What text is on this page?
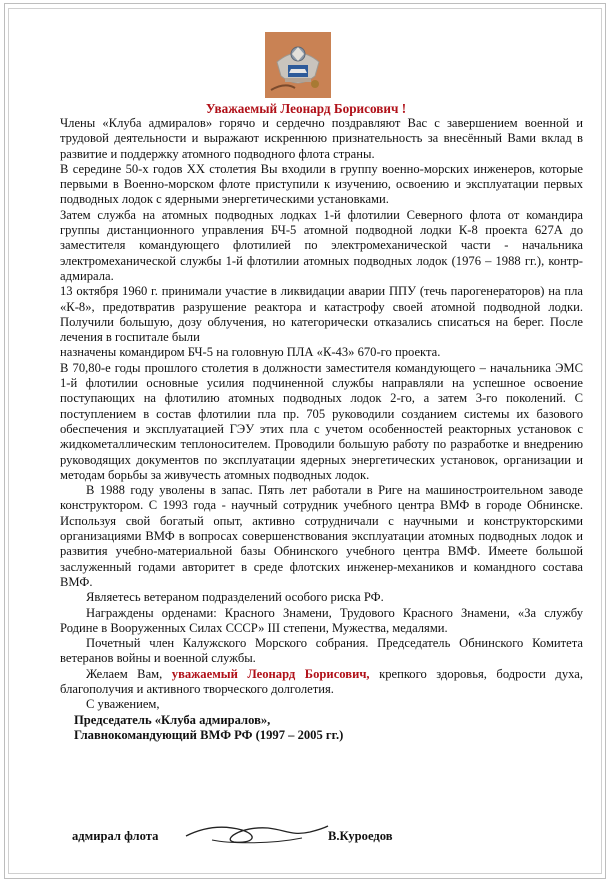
Уважаемый Леонард Борисович !

Члены «Клуба адмиралов» горячо и сердечно поздравляют Вас с завершением военной и трудовой деятельности и выражают искреннюю признательность за внесённый Вами вклад в развитие и поддержку атомного подводного флота страны.

В середине 50-х годов XX столетия Вы входили в группу военно-морских инженеров, которые первыми в Военно-морском флоте приступили к изучению, освоению и эксплуатации первых подводных лодок с ядерными энергетическими установками.

Затем служба на атомных подводных лодках 1-й флотилии Северного флота от командира группы дистанционного управления БЧ-5 атомной подводной лодки К-8 проекта 627А до заместителя командующего флотилией по электромеханической части - начальника электромеханической службы 1-й флотилии атомных подводных лодок (1976 – 1988 гг.), контр-адмирала.

13 октября 1960 г. принимали участие в ликвидации аварии ППУ (течь парогенераторов) на пла «К-8», предотвратив разрушение реактора и катастрофу своей атомной подводной лодки. Получили большую, дозу облучения, но категорически отказались списаться на берег. После лечения в госпитале были

назначены командиром БЧ-5 на головную ПЛА «К-43» 670-го проекта.

В 70,80-е годы прошлого столетия в должности заместителя командующего – начальника ЭМС 1-й флотилии основные усилия подчиненной службы направляли на успешное освоение поступающих на флотилию атомных подводных лодок 2-го, а затем 3-го поколений. С поступлением в состав флотилии пла пр. 705 руководили созданием системы их базового обеспечения и эксплуатацией ГЭУ этих пла с учетом особенностей реакторных установок с жидкометаллическим теплоносителем. Проводили большую работу по разработке и внедрению руководящих документов по эксплуатации ядерных энергетических установок, организации и методам борьбы за живучесть атомных подводных лодок.

В 1988 году уволены в запас. Пять лет работали в Риге на машиностроительном заводе конструктором. С 1993 года - научный сотрудник учебного центра ВМФ в городе Обнинске. Используя свой богатый опыт, активно сотрудничали с научными и конструкторскими организациями ВМФ в вопросах совершенствования эксплуатации атомных подводных лодок и развития учебно-материальной базы Обнинского учебного центра ВМФ. Имеете большой заслуженный годами авторитет в среде флотских инженер-механиков и командного состава ВМФ.

Являетесь ветераном подразделений особого риска РФ.

Награждены орденами: Красного Знамени, Трудового Красного Знамени, «За службу Родине в Вооруженных Силах СССР» III степени, Мужества, медалями.

Почетный член Калужского Морского собрания. Председатель Обнинского Комитета ветеранов войны и военной службы.

Желаем Вам, уважаемый Леонард Борисович, крепкого здоровья, бодрости духа, благополучия и активного творческого долголетия.

С уважением,

Председатель «Клуба адмиралов»,

Главнокомандующий ВМФ РФ (1997 – 2005 гг.)

адмирал флота	В.Куроедов
